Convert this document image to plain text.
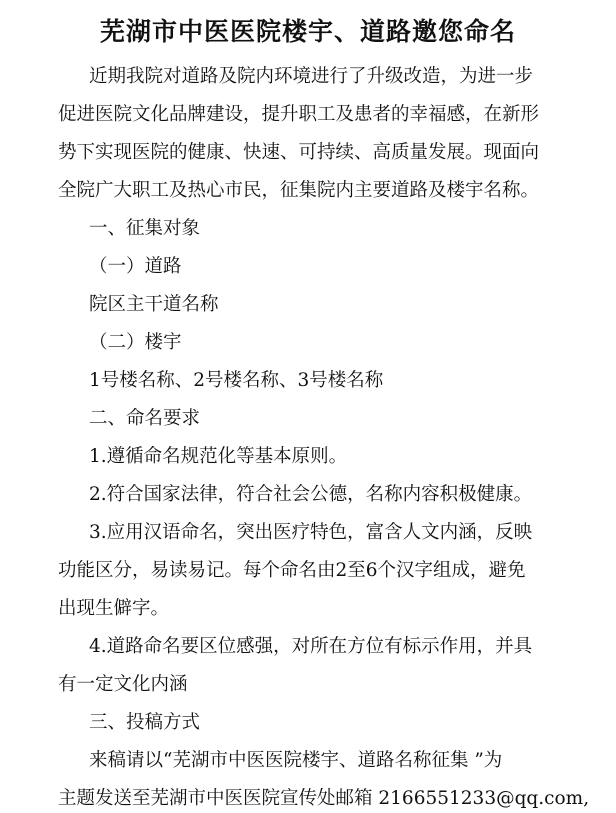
芜湖市中医医院楼宇、道路邀您命名

近期我院对道路及院内环境进行了升级改造，为进一步

促进医院文化品牌建设，提升职工及患者的幸福感，在新形

势下实现医院的健康、快速、可持续、高质量发展。现面向

全院广大职工及热心市民，征集院内主要道路及楼宇名称。

一、征集对象

（一）道路

院区主干道名称

（二）楼宇

1号楼名称、2号楼名称、3号楼名称

二、命名要求

1.遵循命名规范化等基本原则。

2.符合国家法律，符合社会公德，名称内容积极健康。

3.应用汉语命名，突出医疗特色，富含人文内涵，反映

功能区分，易读易记。每个命名由2至6个汉字组成，避免

出现生僻字。

4.道路命名要区位感强，对所在方位有标示作用，并具

有一定文化内涵

三、投稿方式

来稿请以“芜湖市中医医院楼宇、道路名称征集 ”为

主题发送至芜湖市中医医院宣传处邮箱 2166551233@qq.com,
